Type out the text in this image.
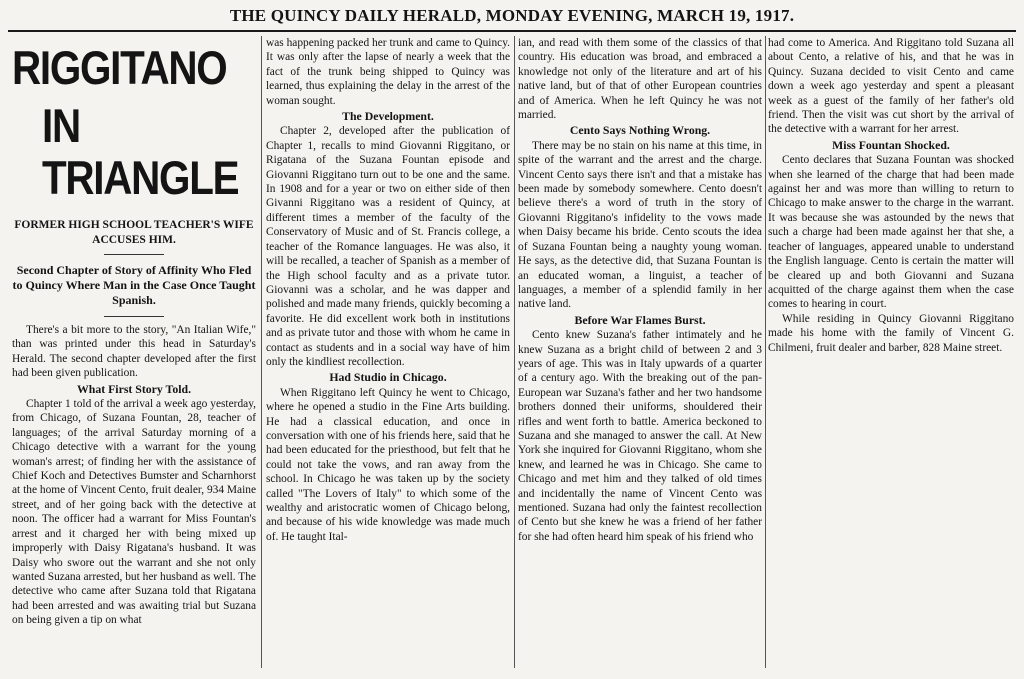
THE QUINCY DAILY HERALD, MONDAY EVENING, MARCH 19, 1917.
RIGGITANO
IN TRIANGLE
FORMER HIGH SCHOOL TEACHER'S WIFE ACCUSES HIM.
Second Chapter of Story of Affinity Who Fled to Quincy Where Man in the Case Once Taught Spanish.

There's a bit more to the story, "An Italian Wife," than was printed under this head in Saturday's Herald. The second chapter developed after the first had been given publication.

What First Story Told.

Chapter 1 told of the arrival a week ago yesterday, from Chicago, of Suzana Fountan, 28, teacher of languages; of the arrival Saturday morning of a Chicago detective with a warrant for the young woman's arrest; of finding her with the assistance of Chief Koch and Detectives Bumster and Scharnhorst at the home of Vincent Cento, fruit dealer, 934 Maine street, and of her going back with the detective at noon. The officer had a warrant for Miss Fountan's arrest and it charged her with being mixed up improperly with Daisy Rigatana's husband. It was Daisy who swore out the warrant and she not only wanted Suzana arrested, but her husband as well. The detective who came after Suzana told that Rigatana had been arrested and was awaiting trial but Suzana on being given a tip on what

was happening packed her trunk and came to Quincy. It was only after the lapse of nearly a week that the fact of the trunk being shipped to Quincy was learned, thus explaining the delay in the arrest of the woman sought.

The Development.

Chapter 2, developed after the publication of Chapter 1, recalls to mind Giovanni Riggitano, or Rigatana of the Suzana Fountan episode and Giovanni Riggitano turn out to be one and the same. In 1908 and for a year or two on either side of then Givanni Riggitano was a resident of Quincy, at different times a member of the faculty of the Conservatory of Music and of St. Francis college, a teacher of the Romance languages. He was also, it will be recalled, a teacher of Spanish as a member of the High school faculty and as a private tutor. Giovanni was a scholar, and he was dapper and polished and made many friends, quickly becoming a favorite. He did excellent work both in institutions and as private tutor and those with whom he came in contact as students and in a social way have of him only the kindliest recollection.

Had Studio in Chicago.

When Riggitano left Quincy he went to Chicago, where he opened a studio in the Fine Arts building. He had a classical education, and once in conversation with one of his friends here, said that he had been educated for the priesthood, but felt that he could not take the vows, and ran away from the school. In Chicago he was taken up by the society called "The Lovers of Italy" to which some of the wealthy and aristocratic women of Chicago belong, and because of his wide knowledge was made much of. He taught Ital-

ian, and read with them some of the classics of that country. His education was broad, and embraced a knowledge not only of the literature and art of his native land, but of that of other European countries and of America. When he left Quincy he was not married.

Cento Says Nothing Wrong.

There may be no stain on his name at this time, in spite of the warrant and the arrest and the charge. Vincent Cento says there isn't and that a mistake has been made by somebody somewhere. Cento doesn't believe there's a word of truth in the story of Giovanni Riggitano's infidelity to the vows made when Daisy became his bride. Cento scouts the idea of Suzana Fountan being a naughty young woman. He says, as the detective did, that Suzana Fountan is an educated woman, a linguist, a teacher of languages, a member of a splendid family in her native land.

Before War Flames Burst.

Cento knew Suzana's father intimately and he knew Suzana as a bright child of between 2 and 3 years of age. This was in Italy upwards of a quarter of a century ago. With the breaking out of the pan-European war Suzana's father and her two handsome brothers donned their uniforms, shouldered their rifles and went forth to battle. America beckoned to Suzana and she managed to answer the call. At New York she inquired for Giovanni Riggitano, whom she knew, and learned he was in Chicago. She came to Chicago and met him and they talked of old times and incidentally the name of Vincent Cento was mentioned. Suzana had only the faintest recollection of Cento but she knew he was a friend of her father for she had often heard him speak of his friend who

had come to America. And Riggitano told Suzana all about Cento, a relative of his, and that he was in Quincy. Suzana decided to visit Cento and came down a week ago yesterday and spent a pleasant week as a guest of the family of her father's old friend. Then the visit was cut short by the arrival of the detective with a warrant for her arrest.

Miss Fountan Shocked.

Cento declares that Suzana Fountan was shocked when she learned of the charge that had been made against her and was more than willing to return to Chicago to make answer to the charge in the warrant. It was because she was astounded by the news that such a charge had been made against her that she, a teacher of languages, appeared unable to understand the English language. Cento is certain the matter will be cleared up and both Giovanni and Suzana acquitted of the charge against them when the case comes to hearing in court.

While residing in Quincy Giovanni Riggitano made his home with the family of Vincent G. Chilmeni, fruit dealer and barber, 828 Maine street.
